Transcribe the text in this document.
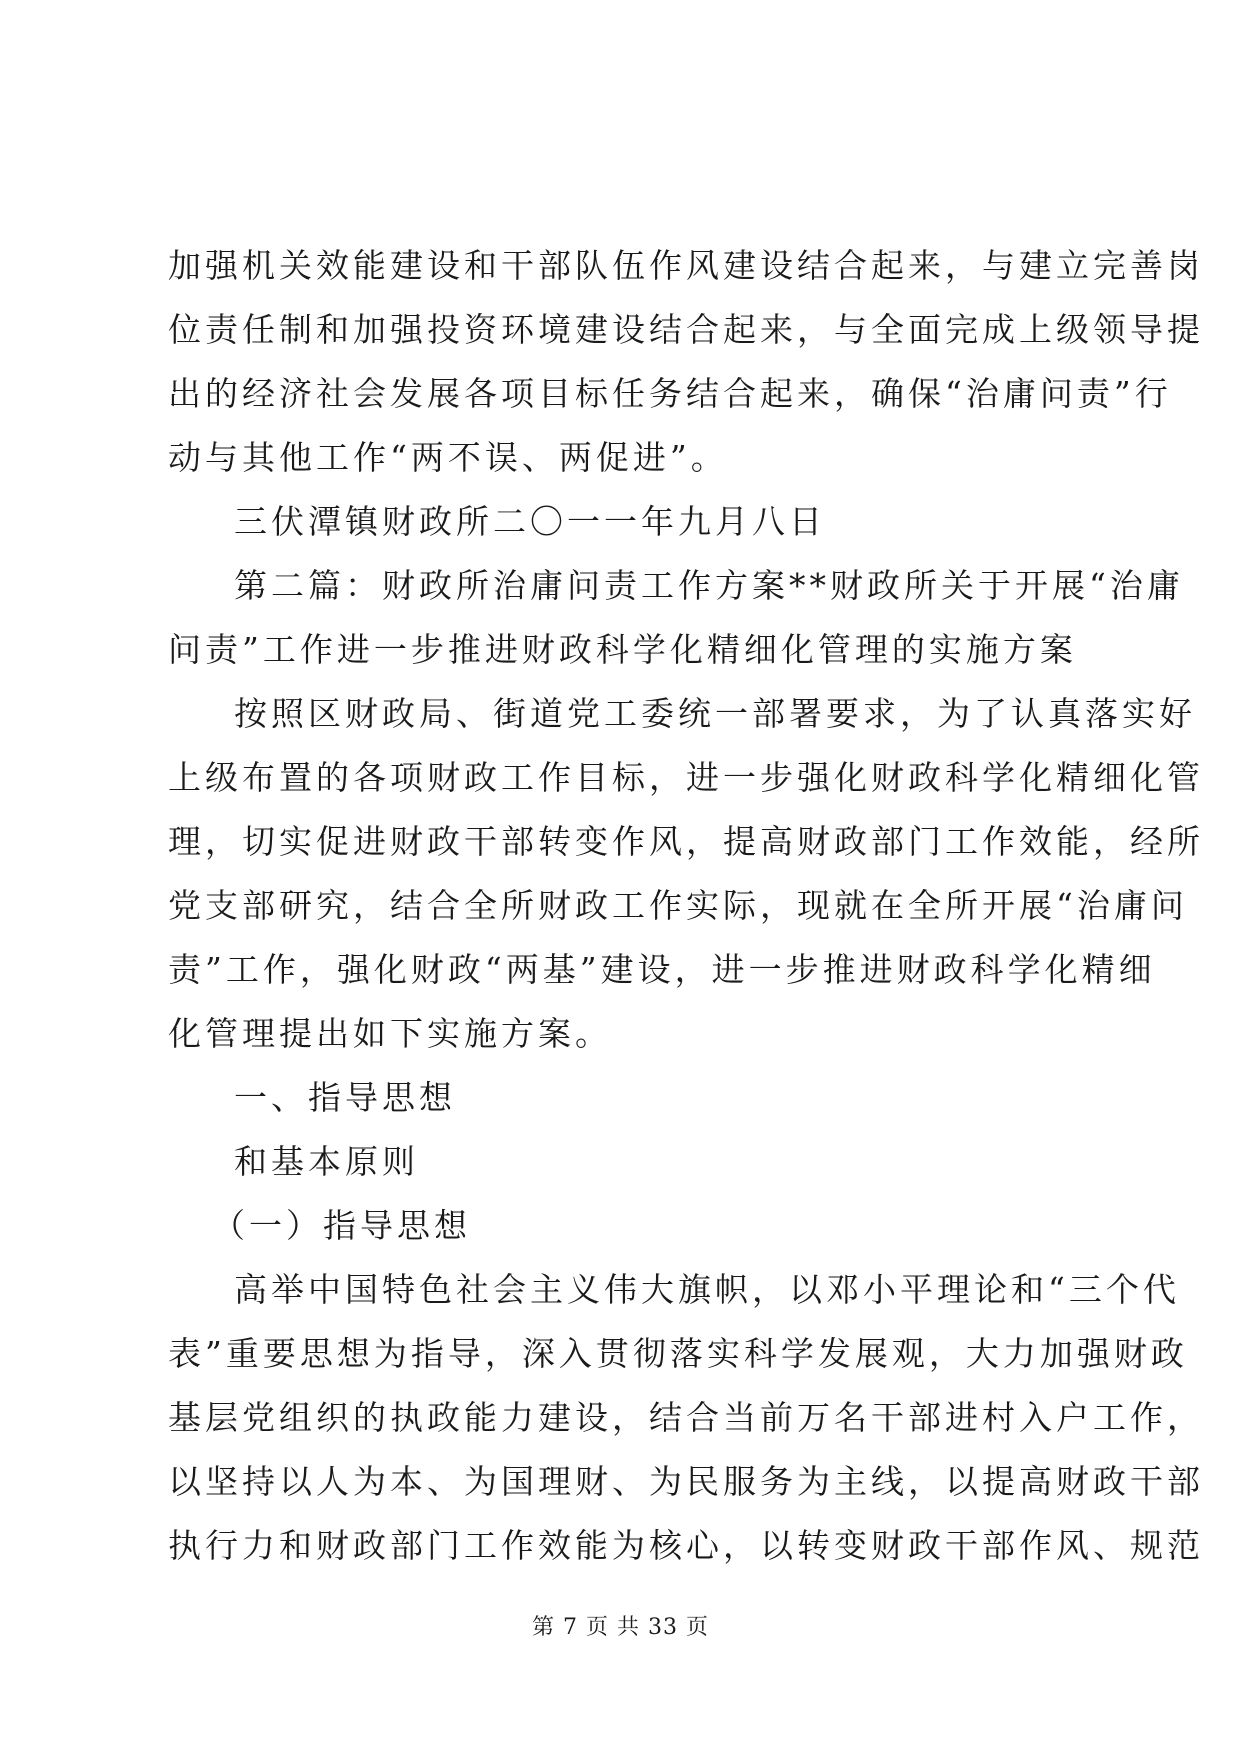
加强机关效能建设和干部队伍作风建设结合起来，与建立完善岗
位责任制和加强投资环境建设结合起来，与全面完成上级领导提
出的经济社会发展各项目标任务结合起来，确保“治庸问责”行
动与其他工作“两不误、两促进”。
三伏潭镇财政所二〇一一年九月八日
第二篇：财政所治庸问责工作方案**财政所关于开展“治庸
问责”工作进一步推进财政科学化精细化管理的实施方案
按照区财政局、街道党工委统一部署要求，为了认真落实好
上级布置的各项财政工作目标，进一步强化财政科学化精细化管
理，切实促进财政干部转变作风，提高财政部门工作效能，经所
党支部研究，结合全所财政工作实际，现就在全所开展“治庸问
责”工作，强化财政“两基”建设，进一步推进财政科学化精细
化管理提出如下实施方案。
一、指导思想
和基本原则
（一）指导思想
高举中国特色社会主义伟大旗帜，以邓小平理论和“三个代
表”重要思想为指导，深入贯彻落实科学发展观，大力加强财政
基层党组织的执政能力建设，结合当前万名干部进村入户工作，
以坚持以人为本、为国理财、为民服务为主线，以提高财政干部
执行力和财政部门工作效能为核心，以转变财政干部作风、规范
第 7 页 共 33 页
